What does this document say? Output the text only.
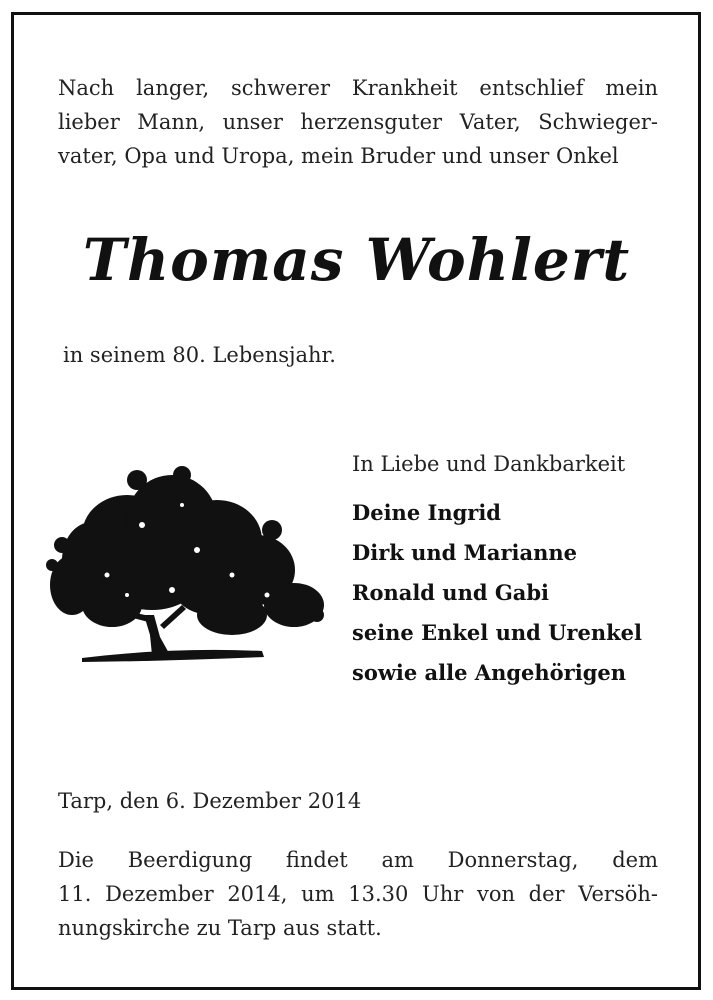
Nach langer, schwerer Krankheit entschlief mein
lieber Mann, unser herzensguter Vater, Schwieger-
vater, Opa und Uropa, mein Bruder und unser Onkel

Thomas Wohlert

in seinem 80. Lebensjahr.

In Liebe und Dankbarkeit

Deine Ingrid
Dirk und Marianne
Ronald und Gabi
seine Enkel und Urenkel
sowie alle Angehörigen

Tarp, den 6. Dezember 2014

Die Beerdigung findet am Donnerstag, dem
11. Dezember 2014, um 13.30 Uhr von der Versöh-
nungskirche zu Tarp aus statt.
